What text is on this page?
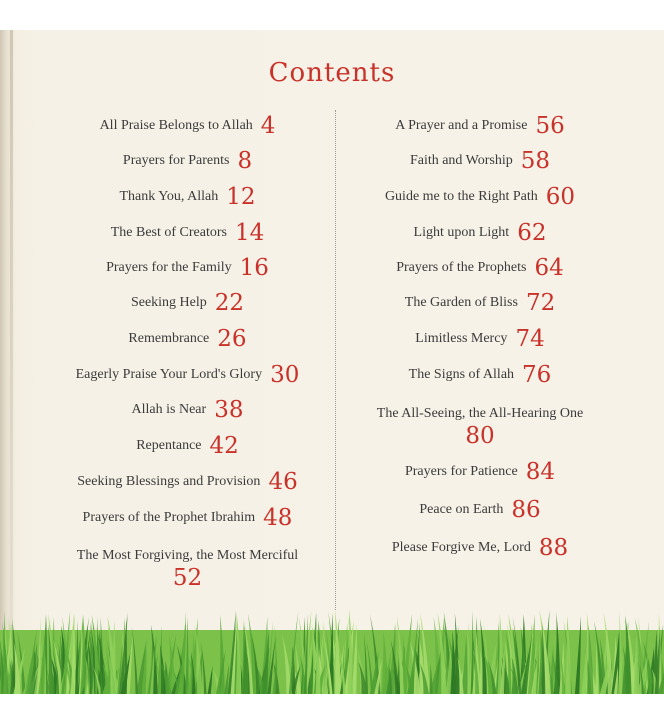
Contents
All Praise Belongs to Allah 4
Prayers for Parents 8
Thank You, Allah 12
The Best of Creators 14
Prayers for the Family 16
Seeking Help 22
Remembrance 26
Eagerly Praise Your Lord's Glory 30
Allah is Near 38
Repentance 42
Seeking Blessings and Provision 46
Prayers of the Prophet Ibrahim 48
The Most Forgiving, the Most Merciful
52
A Prayer and a Promise 56
Faith and Worship 58
Guide me to the Right Path 60
Light upon Light 62
Prayers of the Prophets 64
The Garden of Bliss 72
Limitless Mercy 74
The Signs of Allah 76
The All-Seeing, the All-Hearing One
80
Prayers for Patience 84
Peace on Earth 86
Please Forgive Me, Lord 88
